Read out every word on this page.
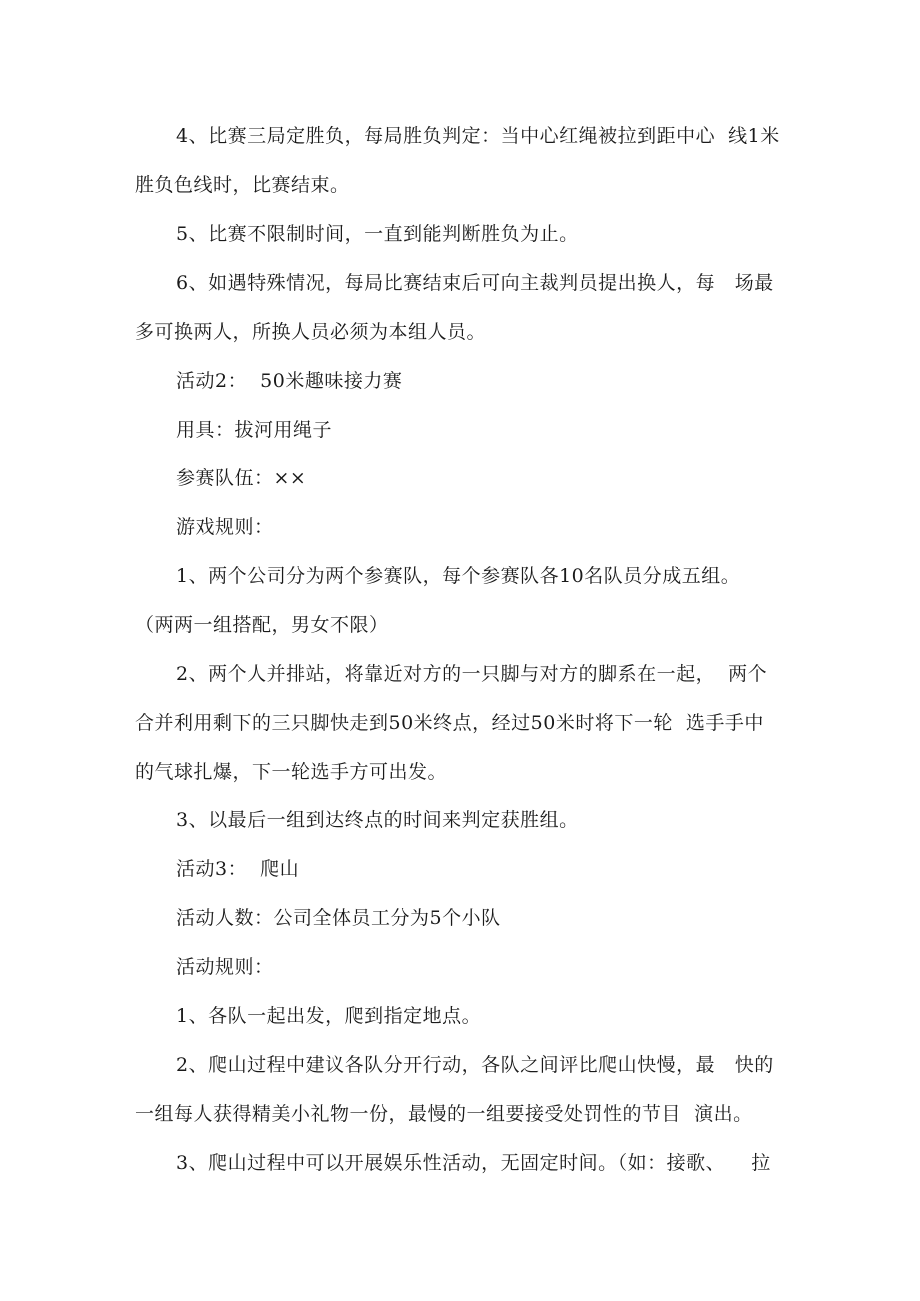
4、比赛三局定胜负，每局胜负判定：当中心红绳被拉到距中心  线1米
胜负色线时，比赛结束。
5、比赛不限制时间，一直到能判断胜负为止。
6、如遇特殊情况，每局比赛结束后可向主裁判员提出换人，每   场最
多可换两人，所换人员必须为本组人员。
活动2：  50米趣味接力赛
用具：拔河用绳子
参赛队伍：××
游戏规则：
1、两个公司分为两个参赛队，每个参赛队各10名队员分成五组。
（两两一组搭配，男女不限）
2、两个人并排站，将靠近对方的一只脚与对方的脚系在一起，  两个
合并利用剩下的三只脚快走到50米终点，经过50米时将下一轮  选手手中
的气球扎爆，下一轮选手方可出发。
3、以最后一组到达终点的时间来判定获胜组。
活动3：  爬山
活动人数：公司全体员工分为5个小队
活动规则：
1、各队一起出发，爬到指定地点。
2、爬山过程中建议各队分开行动，各队之间评比爬山快慢，最   快的
一组每人获得精美小礼物一份，最慢的一组要接受处罚性的节目  演出。
3、爬山过程中可以开展娱乐性活动，无固定时间。（如：接歌、    拉
